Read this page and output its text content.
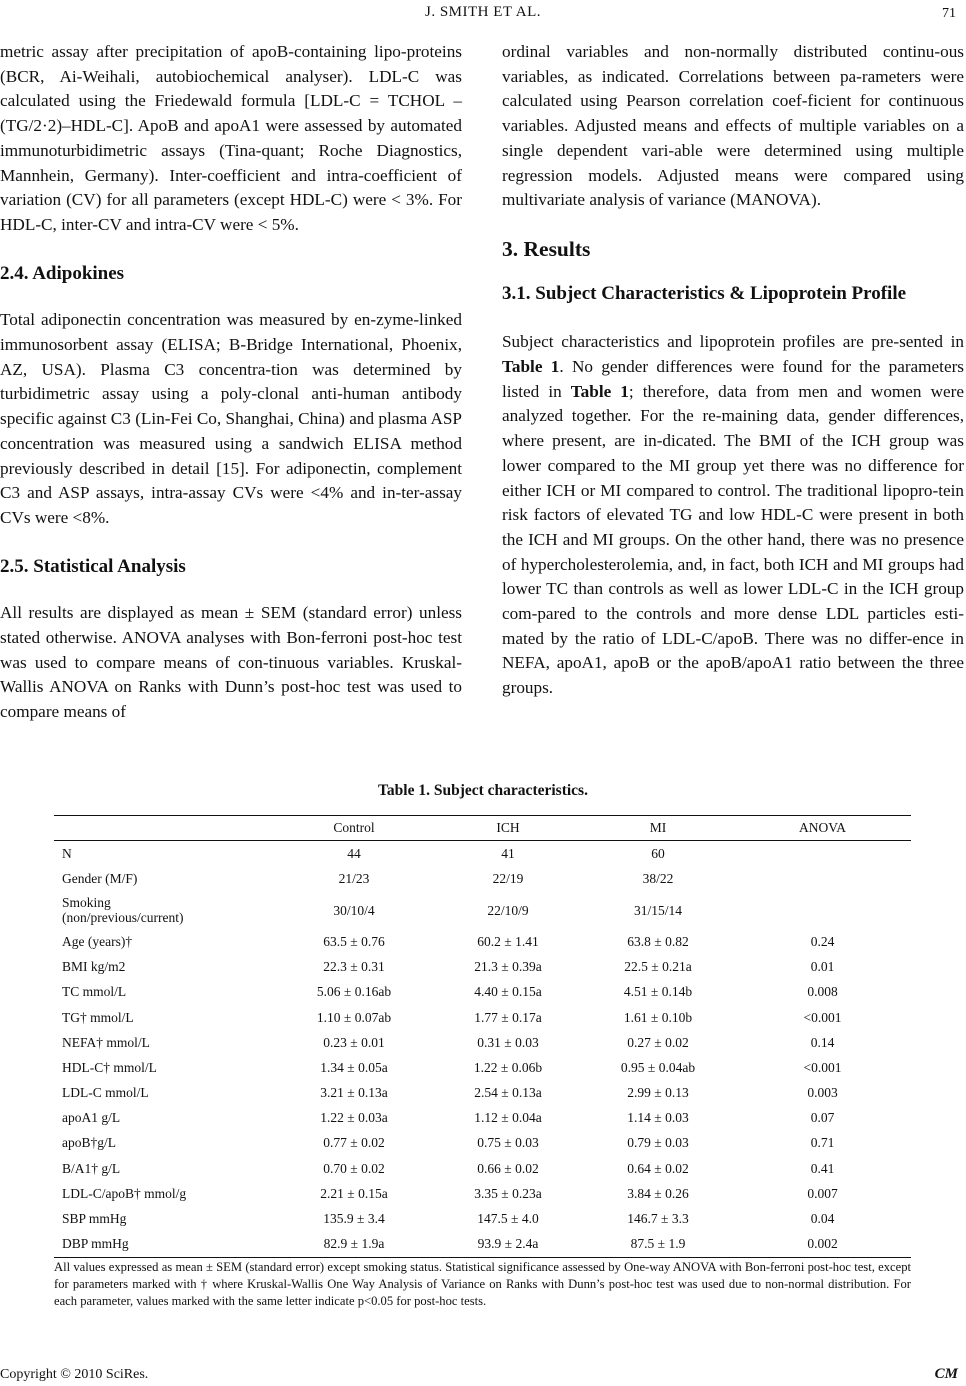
J. SMITH ET AL.	71

metric assay after precipitation of apoB-containing lipo-proteins (BCR, Ai-Weihali, autobiochemical analyser). LDL-C was calculated using the Friedewald formula [LDL-C = TCHOL – (TG/2·2)–HDL-C]. ApoB and apoA1 were assessed by automated immunoturbidimetric assays (Tina-quant; Roche Diagnostics, Mannhein, Germany). Inter-coefficient and intra-coefficient of variation (CV) for all parameters (except HDL-C) were < 3%. For HDL-C, inter-CV and intra-CV were < 5%.

2.4. Adipokines

Total adiponectin concentration was measured by en-zyme-linked immunosorbent assay (ELISA; B-Bridge International, Phoenix, AZ, USA). Plasma C3 concentra-tion was determined by turbidimetric assay using a poly-clonal anti-human antibody specific against C3 (Lin-Fei Co, Shanghai, China) and plasma ASP concentration was measured using a sandwich ELISA method previously described in detail [15]. For adiponectin, complement C3 and ASP assays, intra-assay CVs were <4% and in-ter-assay CVs were <8%.

2.5. Statistical Analysis

All results are displayed as mean ± SEM (standard error) unless stated otherwise. ANOVA analyses with Bon-ferroni post-hoc test was used to compare means of con-tinuous variables. Kruskal-Wallis ANOVA on Ranks with Dunn’s post-hoc test was used to compare means of

ordinal variables and non-normally distributed continu-ous variables, as indicated. Correlations between pa-rameters were calculated using Pearson correlation coef-ficient for continuous variables. Adjusted means and effects of multiple variables on a single dependent vari-able were determined using multiple regression models. Adjusted means were compared using multivariate analysis of variance (MANOVA).

3. Results
3.1. Subject Characteristics & Lipoprotein Profile

Subject characteristics and lipoprotein profiles are pre-sented in Table 1. No gender differences were found for the parameters listed in Table 1; therefore, data from men and women were analyzed together. For the re-maining data, gender differences, where present, are in-dicated. The BMI of the ICH group was lower compared to the MI group yet there was no difference for either ICH or MI compared to control. The traditional lipopro-tein risk factors of elevated TG and low HDL-C were present in both the ICH and MI groups. On the other hand, there was no presence of hypercholesterolemia, and, in fact, both ICH and MI groups had lower TC than controls as well as lower LDL-C in the ICH group com-pared to the controls and more dense LDL particles esti-mated by the ratio of LDL-C/apoB. There was no differ-ence in NEFA, apoA1, apoB or the apoB/apoA1 ratio between the three groups.

Table 1. Subject characteristics.
	Control	ICH	MI	ANOVA
N	44	41	60	
Gender (M/F)	21/23	22/19	38/22	
Smoking
(non/previous/current)	30/10/4	22/10/9	31/15/14	
Age (years)†	63.5 ± 0.76	60.2 ± 1.41	63.8 ± 0.82	0.24
BMI kg/m2	22.3 ± 0.31	21.3 ± 0.39a	22.5 ± 0.21a	0.01
TC mmol/L	5.06 ± 0.16ab	4.40 ± 0.15a	4.51 ± 0.14b	0.008
TG† mmol/L	1.10 ± 0.07ab	1.77 ± 0.17a	1.61 ± 0.10b	<0.001
NEFA† mmol/L	0.23 ± 0.01	0.31 ± 0.03	0.27 ± 0.02	0.14
HDL-C† mmol/L	1.34 ± 0.05a	1.22 ± 0.06b	0.95 ± 0.04ab	<0.001
LDL-C mmol/L	3.21 ± 0.13a	2.54 ± 0.13a	2.99 ± 0.13	0.003
apoA1 g/L	1.22 ± 0.03a	1.12 ± 0.04a	1.14 ± 0.03	0.07
apoB†g/L	0.77 ± 0.02	0.75 ± 0.03	0.79 ± 0.03	0.71
B/A1† g/L	0.70 ± 0.02	0.66 ± 0.02	0.64 ± 0.02	0.41
LDL-C/apoB† mmol/g	2.21 ± 0.15a	3.35 ± 0.23a	3.84 ± 0.26	0.007
SBP mmHg	135.9 ± 3.4	147.5 ± 4.0	146.7 ± 3.3	0.04
DBP mmHg	82.9 ± 1.9a	93.9 ± 2.4a	87.5 ± 1.9	0.002
All values expressed as mean ± SEM (standard error) except smoking status. Statistical significance assessed by One-way ANOVA with Bon-ferroni post-hoc test, except for parameters marked with † where Kruskal-Wallis One Way Analysis of Variance on Ranks with Dunn’s post-hoc test was used due to non-normal distribution. For each parameter, values marked with the same letter indicate p<0.05 for post-hoc tests.
Copyright © 2010 SciRes.	CM
